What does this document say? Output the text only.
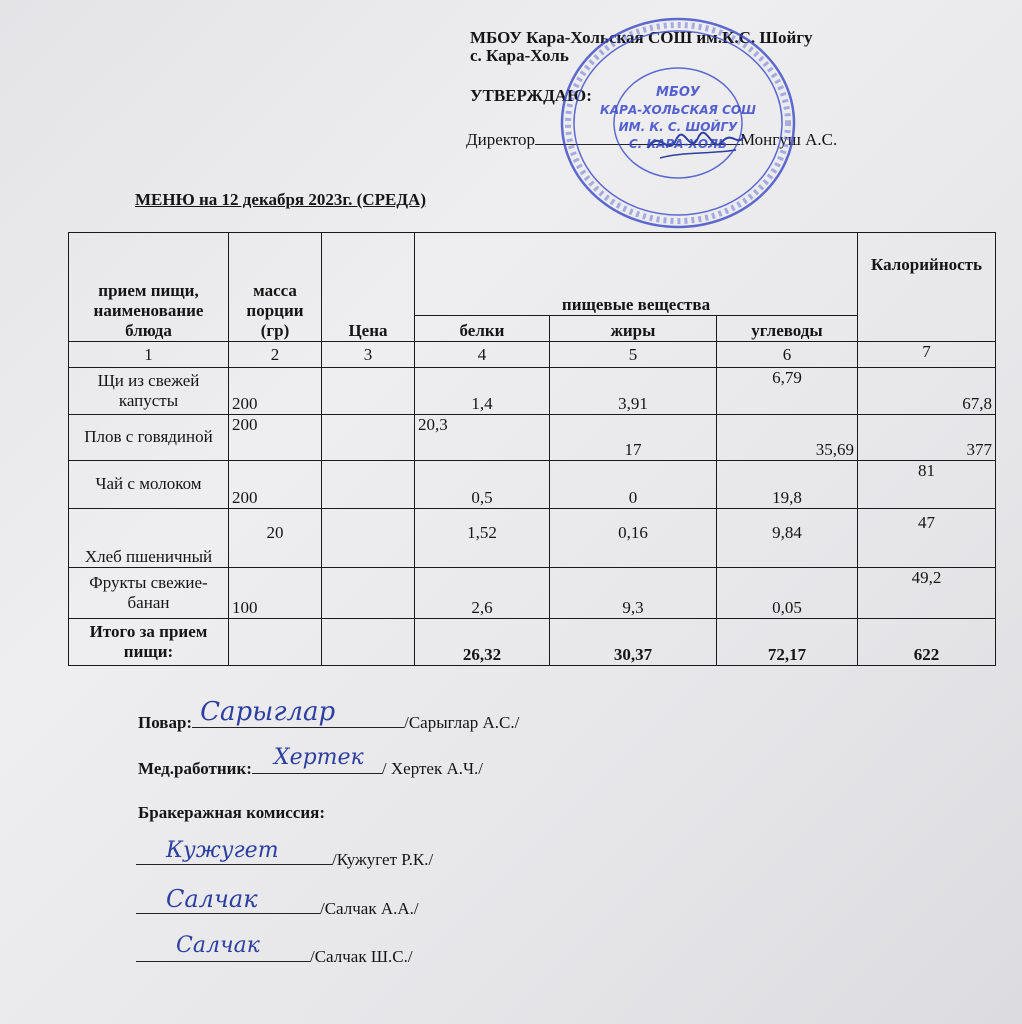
МБОУ Кара-Хольская СОШ им.К.С. Шойгу
с. Кара-Холь
УТВЕРЖДАЮ:
Директор	Монгуш А.С.
МБОУ
КАРА-ХОЛЬСКАЯ СОШ
ИМ. К. С. ШОЙГУ
С. КАРА-ХОЛЬ
МЕНЮ на 12 декабря 2023г. (СРЕДА)
прием пищи, наименование блюда	масса порции (гр)	Цена	пищевые вещества			Калорийность
			белки	жиры	углеводы	
1	2	3	4	5	6	7
Щи из свежей капусты	200		1,4	3,91	6,79	67,8
Плов с говядиной	200		20,3	17	35,69	377
Чай с молоком	200		0,5	0	19,8	81
Хлеб пшеничный	20		1,52	0,16	9,84	47
Фрукты свежие-банан	100		2,6	9,3	0,05	49,2
Итого за прием пищи:			26,32	30,37	72,17	622
Повар: Сарыглар	/Сарыглар А.С./
Мед.работник: Хертек / Хертек А.Ч./
Бракеражная комиссия:
Кужугет	/Кужугет Р.К./
Салчак	/Салчак А.А./
Салчак	/Салчак Ш.С./
